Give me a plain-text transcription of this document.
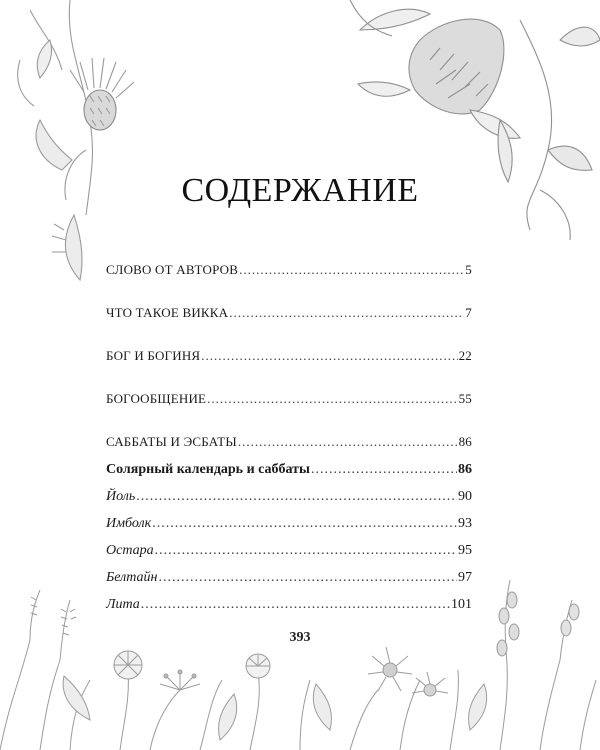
СОДЕРЖАНИЕ
СЛОВО ОТ АВТОРОВ .....	5
ЧТО ТАКОЕ ВИККА .....	7
БОГ И БОГИНЯ .....	22
БОГООБЩЕНИЕ .....	55
САББАТЫ И ЭСБАТЫ .....	86
Солярный календарь и саббаты .....	86
Йоль .....	90
Имболк .....	93
Остара .....	95
Белтайн .....	97
Лита .....	101
393
